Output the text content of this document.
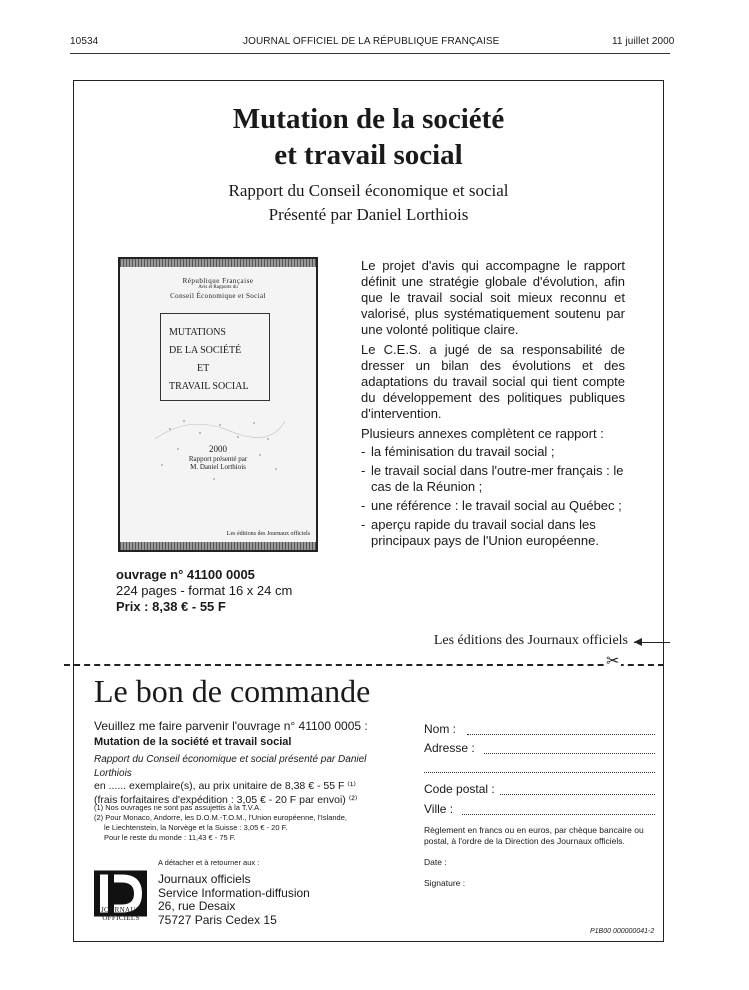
10534	JOURNAL OFFICIEL DE LA RÉPUBLIQUE FRANÇAISE	11 juillet 2000
Mutation de la société
et travail social
Rapport du Conseil économique et social
Présenté par Daniel Lorthiois
République Française
Avis et Rapports du
Conseil Économique et Social
MUTATIONS
DE LA SOCIÉTÉ
ET
TRAVAIL SOCIAL
2000
Rapport présenté par
M. Daniel Lorthiois
Les éditions des Journaux officiels

Le projet d'avis qui accompagne le rapport définit une stratégie globale d'évolution, afin que le travail social soit mieux reconnu et valorisé, plus systématiquement soutenu par une volonté politique claire.

Le C.E.S. a jugé de sa responsabilité de dresser un bilan des évolutions et des adaptations du travail social qui tient compte du développement des politiques publiques d'intervention.

Plusieurs annexes complètent ce rapport :

- la féminisation du travail social ;
- le travail social dans l'outre-mer français : le cas de la Réunion ;
- une référence : le travail social au Québec ;
- aperçu rapide du travail social dans les principaux pays de l'Union européenne.
ouvrage n° 41100 0005
224 pages - format 16 x 24 cm
Prix : 8,38 € - 55 F
Les éditions des Journaux officiels
✂
Le bon de commande
Veuillez me faire parvenir l'ouvrage n° 41100 0005 :
Mutation de la société et travail social
Rapport du Conseil économique et social présenté par Daniel Lorthiois
en ...... exemplaire(s), au prix unitaire de 8,38 € - 55 F ⁽¹⁾
(frais forfaitaires d'expédition : 3,05 € - 20 F par envoi) ⁽²⁾
(1) Nos ouvrages ne sont pas assujettis à la T.V.A.
(2) Pour Monaco, Andorre, les D.O.M.-T.O.M., l'Union européenne, l'Islande,
le Liechtenstein, la Norvège et la Suisse : 3,05 € - 20 F.
Pour le reste du monde : 11,43 € - 75 F.
A détacher et à retourner aux :
JOURNAUX
OFFICIELS
Journaux officiels
Service Information-diffusion
26, rue Desaix
75727 Paris Cedex 15
Nom :
Adresse :
Code postal :
Ville :
Règlement en francs ou en euros, par chèque bancaire ou postal, à l'ordre de la Direction des Journaux officiels.
Date :
Signature :
P1B00 000000041-2
